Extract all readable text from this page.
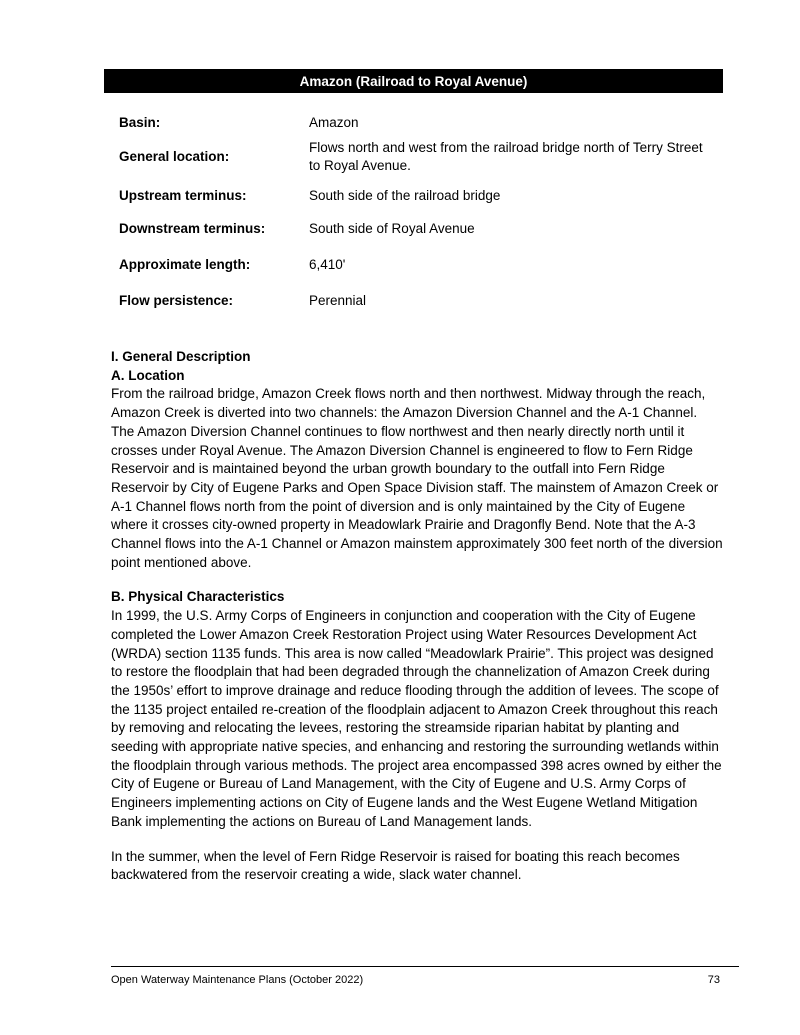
Amazon (Railroad to Royal Avenue)
Basin:	Amazon
General location:
Flows north and west from the railroad bridge north of Terry Street to Royal Avenue.
Upstream terminus:	South side of the railroad bridge
Downstream terminus:	South side of Royal Avenue
Approximate length:	6,410'
Flow persistence:	Perennial

I. General Description

A. Location

From the railroad bridge, Amazon Creek flows north and then northwest. Midway through the reach, Amazon Creek is diverted into two channels: the Amazon Diversion Channel and the A-1 Channel. The Amazon Diversion Channel continues to flow northwest and then nearly directly north until it crosses under Royal Avenue. The Amazon Diversion Channel is engineered to flow to Fern Ridge Reservoir and is maintained beyond the urban growth boundary to the outfall into Fern Ridge Reservoir by City of Eugene Parks and Open Space Division staff. The mainstem of Amazon Creek or A-1 Channel flows north from the point of diversion and is only maintained by the City of Eugene where it crosses city-owned property in Meadowlark Prairie and Dragonfly Bend. Note that the A-3 Channel flows into the A-1 Channel or Amazon mainstem approximately 300 feet north of the diversion point mentioned above.

B. Physical Characteristics

In 1999, the U.S. Army Corps of Engineers in conjunction and cooperation with the City of Eugene completed the Lower Amazon Creek Restoration Project using Water Resources Development Act (WRDA) section 1135 funds. This area is now called “Meadowlark Prairie”. This project was designed to restore the floodplain that had been degraded through the channelization of Amazon Creek during the 1950s’ effort to improve drainage and reduce flooding through the addition of levees. The scope of the 1135 project entailed re-creation of the floodplain adjacent to Amazon Creek throughout this reach by removing and relocating the levees, restoring the streamside riparian habitat by planting and seeding with appropriate native species, and enhancing and restoring the surrounding wetlands within the floodplain through various methods. The project area encompassed 398 acres owned by either the City of Eugene or Bureau of Land Management, with the City of Eugene and U.S. Army Corps of Engineers implementing actions on City of Eugene lands and the West Eugene Wetland Mitigation Bank implementing the actions on Bureau of Land Management lands.

In the summer, when the level of Fern Ridge Reservoir is raised for boating this reach becomes backwatered from the reservoir creating a wide, slack water channel.

Open Waterway Maintenance Plans (October 2022)	73
